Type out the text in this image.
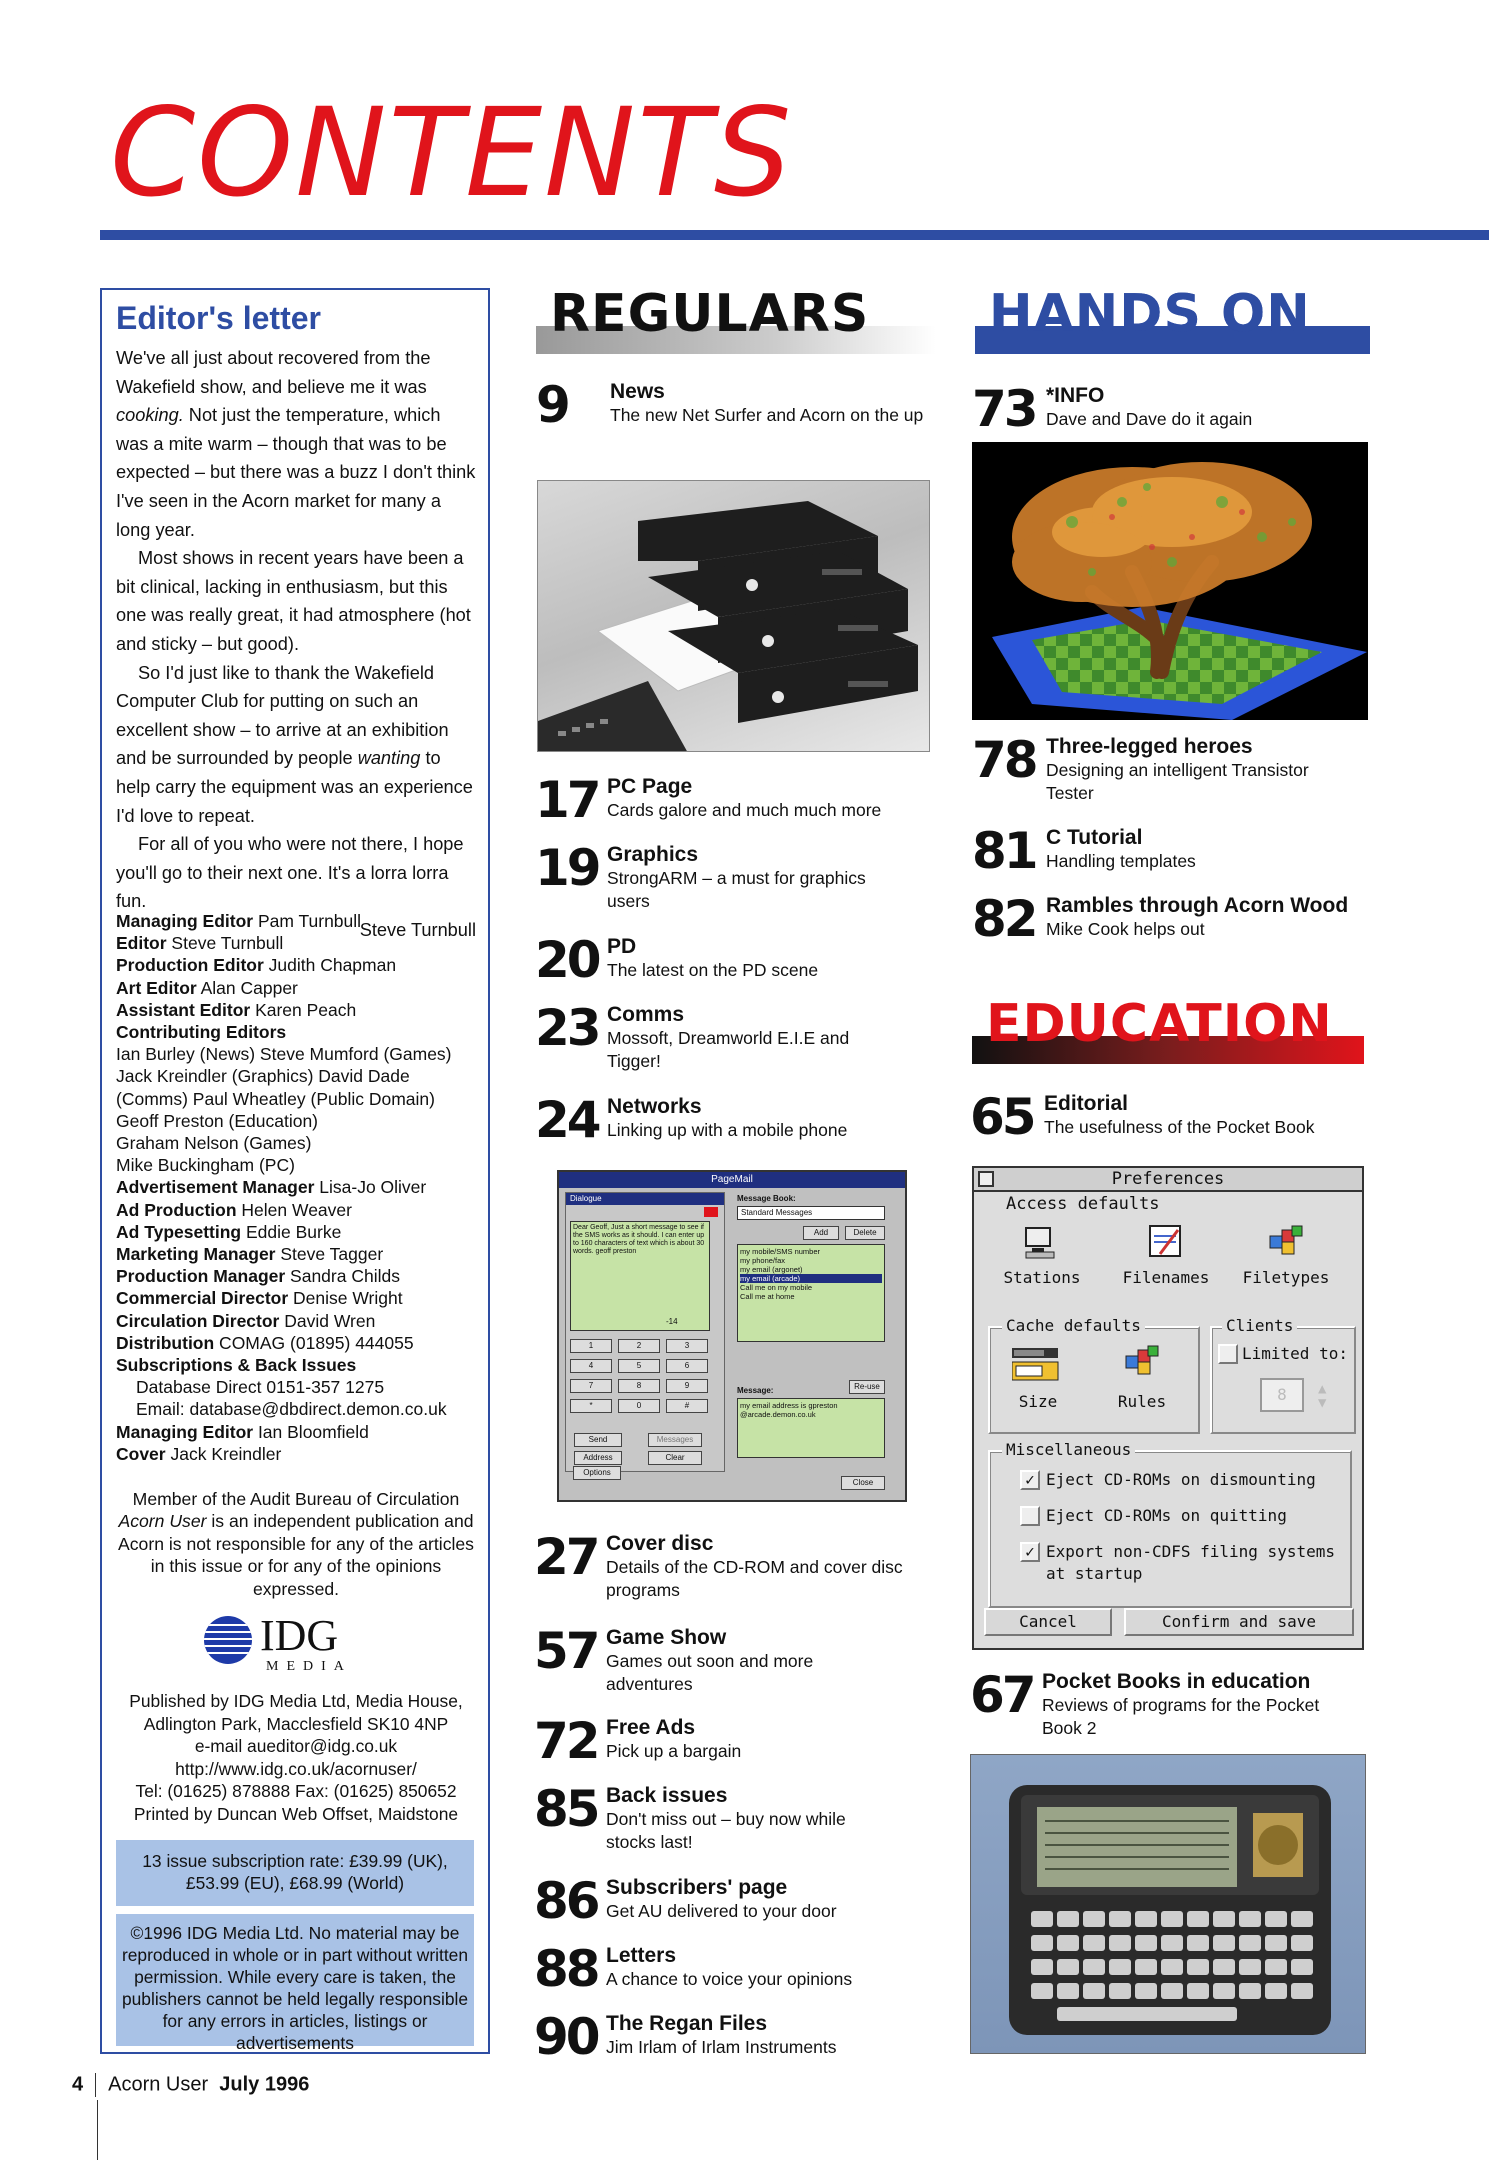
CONTENTS
Editor's letter

We've all just about recovered from the Wakefield show, and believe me it was cooking. Not just the temperature, which was a mite warm – though that was to be expected – but there was a buzz I don't think I've seen in the Acorn market for many a long year.

Most shows in recent years have been a bit clinical, lacking in enthusiasm, but this one was really great, it had atmosphere (hot and sticky – but good).

So I'd just like to thank the Wakefield Computer Club for putting on such an excellent show – to arrive at an exhibition and be surrounded by people wanting to help carry the equipment was an experience I'd love to repeat.

For all of you who were not there, I hope you'll go to their next one. It's a lorra lorra fun.

Steve Turnbull

Managing Editor Pam Turnbull
Editor Steve Turnbull
Production Editor Judith Chapman
Art Editor Alan Capper
Assistant Editor Karen Peach
Contributing Editors
Ian Burley (News) Steve Mumford (Games)
Jack Kreindler (Graphics) David Dade
(Comms) Paul Wheatley (Public Domain)
Geoff Preston (Education)
Graham Nelson (Games)
Mike Buckingham (PC)
Advertisement Manager Lisa-Jo Oliver
Ad Production Helen Weaver
Ad Typesetting Eddie Burke
Marketing Manager Steve Tagger
Production Manager Sandra Childs
Commercial Director Denise Wright
Circulation Director David Wren
Distribution COMAG (01895) 444055
Subscriptions & Back Issues
Database Direct 0151-357 1275
Email: database@dbdirect.demon.co.uk
Managing Editor Ian Bloomfield
Cover Jack Kreindler
Member of the Audit Bureau of Circulation
Acorn User is an independent publication and Acorn is not responsible for any of the articles in this issue or for any of the opinions expressed.
IDG
MEDIA
Published by IDG Media Ltd, Media House,
Adlington Park, Macclesfield SK10 4NP
e-mail aueditor@idg.co.uk
http://www.idg.co.uk/acornuser/
Tel: (01625) 878888 Fax: (01625) 850652
Printed by Duncan Web Offset, Maidstone
13 issue subscription rate: £39.99 (UK), £53.99 (EU), £68.99 (World)
©1996 IDG Media Ltd. No material may be reproduced in whole or in part without written permission. While every care is taken, the publishers cannot be held legally responsible for any errors in articles, listings or advertisements
REGULARS HANDS ON
EDUCATION
9 News
The new Net Surfer and Acorn on the up
17 PC Page
Cards galore and much much more
19 Graphics
StrongARM – a must for graphics users
20 PD
The latest on the PD scene
23 Comms
Mossoft, Dreamworld E.I.E and Tigger!
24 Networks
Linking up with a mobile phone
PageMail
Dialogue
Dear Geoff, Just a short message to see if the SMS works as it should. I can enter up to 160 characters of text which is about 30 words. geoff preston
-14
1	2	3
4	5	6
7	8	9
*	0	#
Send	Messages
Address	Clear
Options
Message Book:
Standard Messages
Add	Delete
my mobile/SMS number
my phone/fax
my email (argonet)
my email (arcade)
Call me on my mobile
Call me at home
Message:	Re-use
my email address is gpreston @arcade.demon.co.uk
Close
27 Cover disc
Details of the CD-ROM and cover disc programs
57 Game Show
Games out soon and more adventures
72 Free Ads
Pick up a bargain
85 Back issues
Don't miss out – buy now while stocks last!
86 Subscribers' page
Get AU delivered to your door
88 Letters
A chance to voice your opinions
90 The Regan Files
Jim Irlam of Irlam Instruments
73 *INFO
Dave and Dave do it again
78 Three-legged heroes
Designing an intelligent Transistor Tester
81 C Tutorial
Handling templates
82 Rambles through Acorn Wood
Mike Cook helps out
65 Editorial
The usefulness of the Pocket Book
Preferences
Access defaults
Stations	Filenames	Filetypes
Cache defaults
Size	Rules
Clients
Limited to:
8	▲
▼
Miscellaneous
✓ Eject CD-ROMs on dismounting
Eject CD-ROMs on quitting
✓ Export non-CDFS filing systems
at startup
Cancel	Confirm and save
67 Pocket Books in education
Reviews of programs for the Pocket Book 2
4 Acorn User July 1996
